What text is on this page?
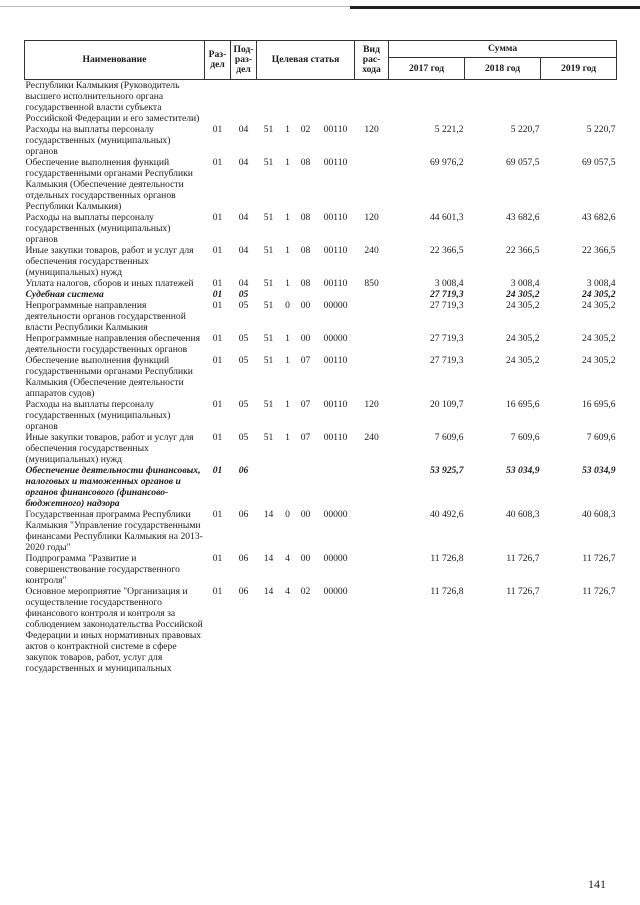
Наименование	Раз-дел	Под-раз-дел	Целевая статья				Вид рас-хода	Сумма		
								2017 год	2018 год	2019 год
Республики Калмыкия (Руководитель высшего исполнительного органа государственной власти субъекта Российской Федерации и его заместители)										
Расходы на выплаты персоналу государственных (муниципальных) органов	01	04	51	1	02	00110	120	5 221,2	5 220,7	5 220,7
Обеспечение выполнения функций государственными органами Республики Калмыкия (Обеспечение деятельности отдельных государственных органов Республики Калмыкия)	01	04	51	1	08	00110		69 976,2	69 057,5	69 057,5
Расходы на выплаты персоналу государственных (муниципальных) органов	01	04	51	1	08	00110	120	44 601,3	43 682,6	43 682,6
Иные закупки товаров, работ и услуг для обеспечения государственных (муниципальных) нужд	01	04	51	1	08	00110	240	22 366,5	22 366,5	22 366,5
Уплата налогов, сборов и иных платежей	01	04	51	1	08	00110	850	3 008,4	3 008,4	3 008,4
Судебная система	01	05						27 719,3	24 305,2	24 305,2
Непрограммные направления деятельности органов государственной власти Республики Калмыкия	01	05	51	0	00	00000		27 719,3	24 305,2	24 305,2
Непрограммные направления обеспечения деятельности государственных органов	01	05	51	1	00	00000		27 719,3	24 305,2	24 305,2
Обеспечение выполнения функций государственными органами Республики Калмыкия (Обеспечение деятельности аппаратов судов)	01	05	51	1	07	00110		27 719,3	24 305,2	24 305,2
Расходы на выплаты персоналу государственных (муниципальных) органов	01	05	51	1	07	00110	120	20 109,7	16 695,6	16 695,6
Иные закупки товаров, работ и услуг для обеспечения государственных (муниципальных) нужд	01	05	51	1	07	00110	240	7 609,6	7 609,6	7 609,6
Обеспечение деятельности финансовых, налоговых и таможенных органов и органов финансового (финансово-бюджетного) надзора	01	06						53 925,7	53 034,9	53 034,9
Государственная программа Республики Калмыкия "Управление государственными финансами Республики Калмыкия на 2013-2020 годы"	01	06	14	0	00	00000		40 492,6	40 608,3	40 608,3
Подпрограмма "Развитие и совершенствование государственного контроля"	01	06	14	4	00	00000		11 726,8	11 726,7	11 726,7
Основное мероприятие "Организация и осуществление государственного финансового контроля и контроля за соблюдением законодательства Российской Федерации и иных нормативных правовых актов о контрактной системе в сфере закупок товаров, работ, услуг для государственных и муниципальных	01	06	14	4	02	00000		11 726,8	11 726,7	11 726,7
141
